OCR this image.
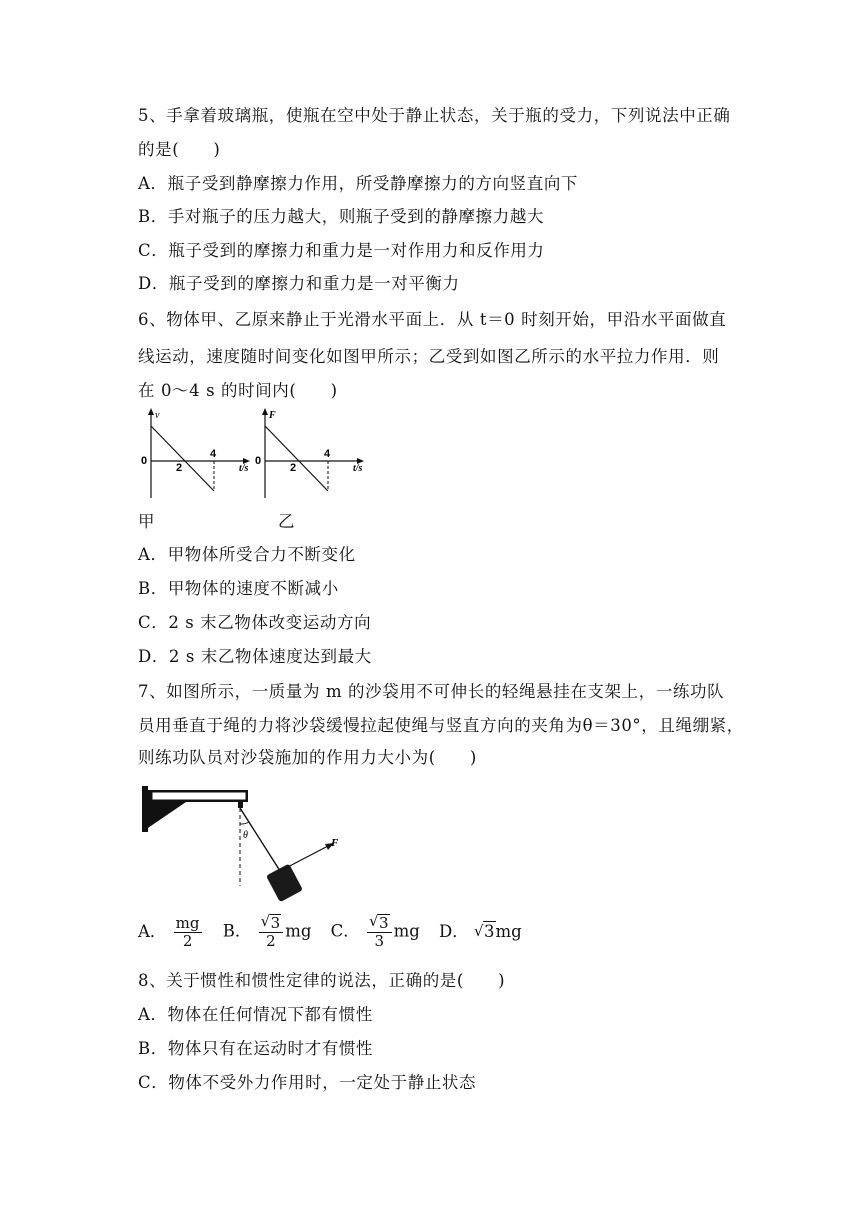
5、手拿着玻璃瓶，使瓶在空中处于静止状态，关于瓶的受力，下列说法中正确
的是(　　)
A．瓶子受到静摩擦力作用，所受静摩擦力的方向竖直向下
B．手对瓶子的压力越大，则瓶子受到的静摩擦力越大
C．瓶子受到的摩擦力和重力是一对作用力和反作用力
D．瓶子受到的摩擦力和重力是一对平衡力
6、物体甲、乙原来静止于光滑水平面上．从 t＝0 时刻开始，甲沿水平面做直
线运动，速度随时间变化如图甲所示；乙受到如图乙所示的水平拉力作用．则
在 0～4 s 的时间内(　　)
v
0
2
4
t/s
F
0
2
4
t/s
甲	乙
A．甲物体所受合力不断变化
B．甲物体的速度不断减小
C．2 s 末乙物体改变运动方向
D．2 s 末乙物体速度达到最大
7、如图所示，一质量为 m 的沙袋用不可伸长的轻绳悬挂在支架上，一练功队
员用垂直于绳的力将沙袋缓慢拉起使绳与竖直方向的夹角为θ＝30°，且绳绷紧，
则练功队员对沙袋施加的作用力大小为(　　)
θ
F
A． $\frac{mg}{2}$ B． $\frac{√ 3}{2}$ mg C． $\frac{√ 3}{3}$ mg D． √ 3mg
8、关于惯性和惯性定律的说法，正确的是(　　)
A．物体在任何情况下都有惯性
B．物体只有在运动时才有惯性
C．物体不受外力作用时，一定处于静止状态
